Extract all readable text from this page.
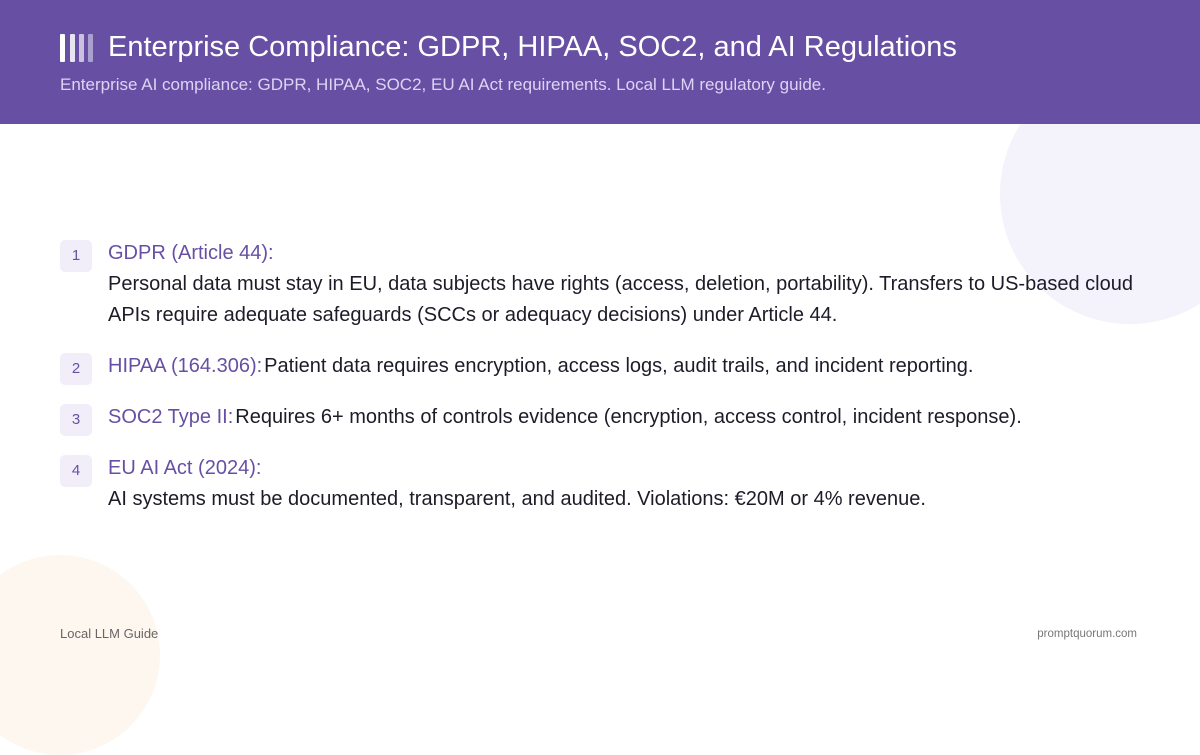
Enterprise Compliance: GDPR, HIPAA, SOC2, and AI Regulations
Enterprise AI compliance: GDPR, HIPAA, SOC2, EU AI Act requirements. Local LLM regulatory guide.
1	GDPR (Article 44):
Personal data must stay in EU, data subjects have rights (access, deletion, portability). Transfers to US-based cloud APIs require adequate safeguards (SCCs or adequacy decisions) under Article 44.
2	HIPAA (164.306): Patient data requires encryption, access logs, audit trails, and incident reporting.
3	SOC2 Type II: Requires 6+ months of controls evidence (encryption, access control, incident response).
4	EU AI Act (2024):
AI systems must be documented, transparent, and audited. Violations: €20M or 4% revenue.
Local LLM Guide	promptquorum.com
